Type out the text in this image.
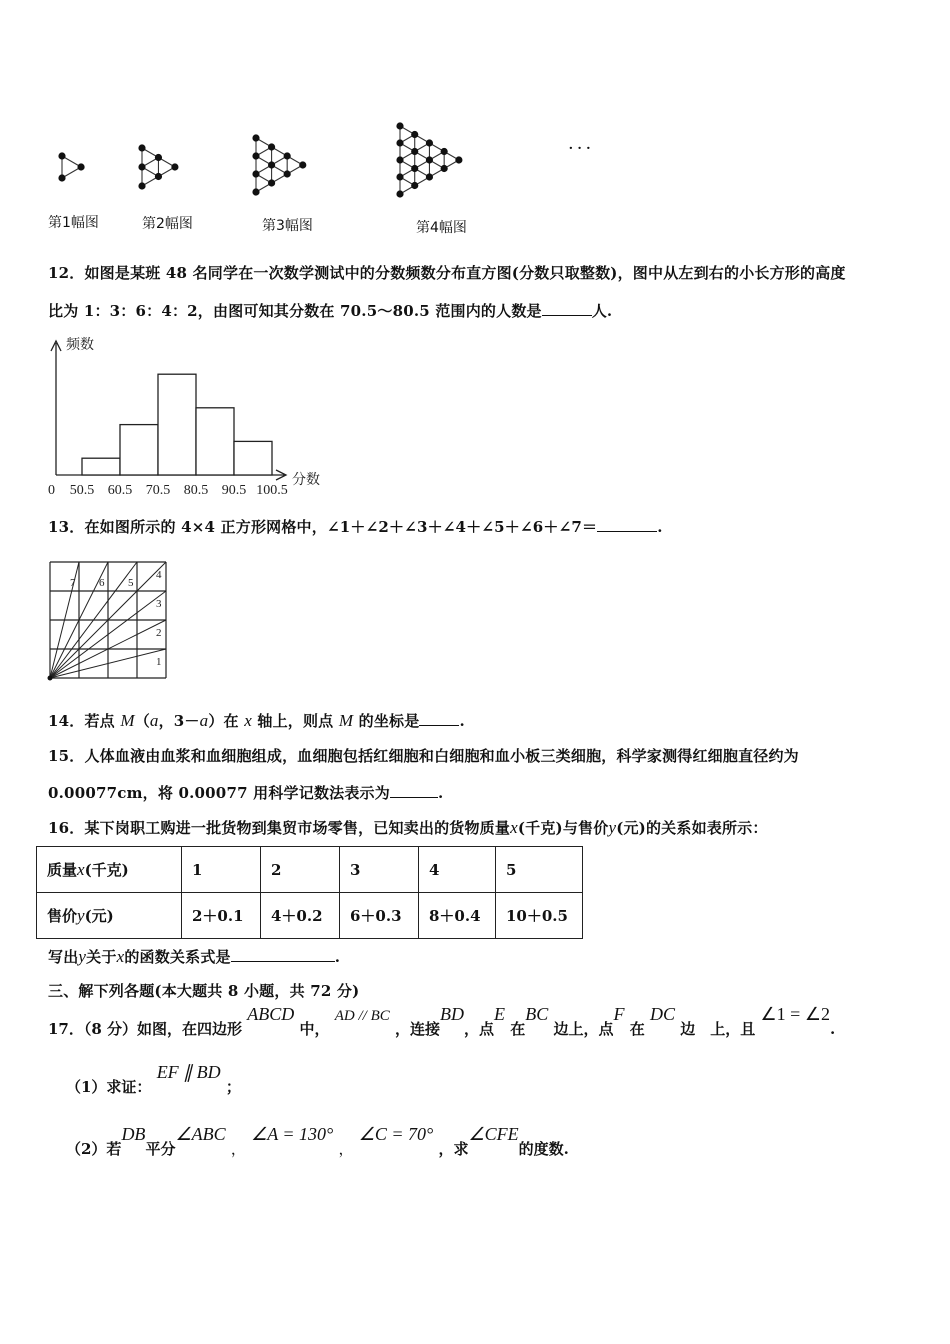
···
第1幅图	第2幅图	第3幅图	第4幅图
12．如图是某班 48 名同学在一次数学测试中的分数频数分布直方图(分数只取整数)，图中从左到右的小长方形的高度
比为 1：3：6：4：2，由图可知其分数在 70.5～80.5 范围内的人数是	人.
频数
分数
0 50.5 60.5 70.5 80.5 90.5 100.5
13．在如图所示的 4×4 正方形网格中，∠1＋∠2＋∠3＋∠4＋∠5＋∠6＋∠7＝	.
1
2
3
4
5
6
7
14．若点 M（a，3－a）在 x 轴上，则点 M 的坐标是	.
15．人体血液由血浆和血细胞组成，血细胞包括红细胞和白细胞和血小板三类细胞，科学家测得红细胞直径约为
0.00077cm，将 0.00077 用科学记数法表示为	.
16．某下岗职工购进一批货物到集贸市场零售，已知卖出的货物质量x(千克)与售价y(元)的关系如表所示：
质量x(千克)	1	2	3	4	5
售价y(元)	2＋0.1	4＋0.2	6＋0.3	8＋0.4	10＋0.5
写出y关于x的函数关系式是	.
三、解下列各题(本大题共 8 小题，共 72 分)
17．（8 分）如图，在四边形 ABCD 中， AD // BC ，连接BD，点E 在BC 边上，点F 在 DC 边　上，且 ∠1 = ∠2.
（1）求证： EF ∥ BD ；
（2）若DB平分∠ABC ， ∠A = 130° ， ∠C = 70° ，求∠CFE的度数.
